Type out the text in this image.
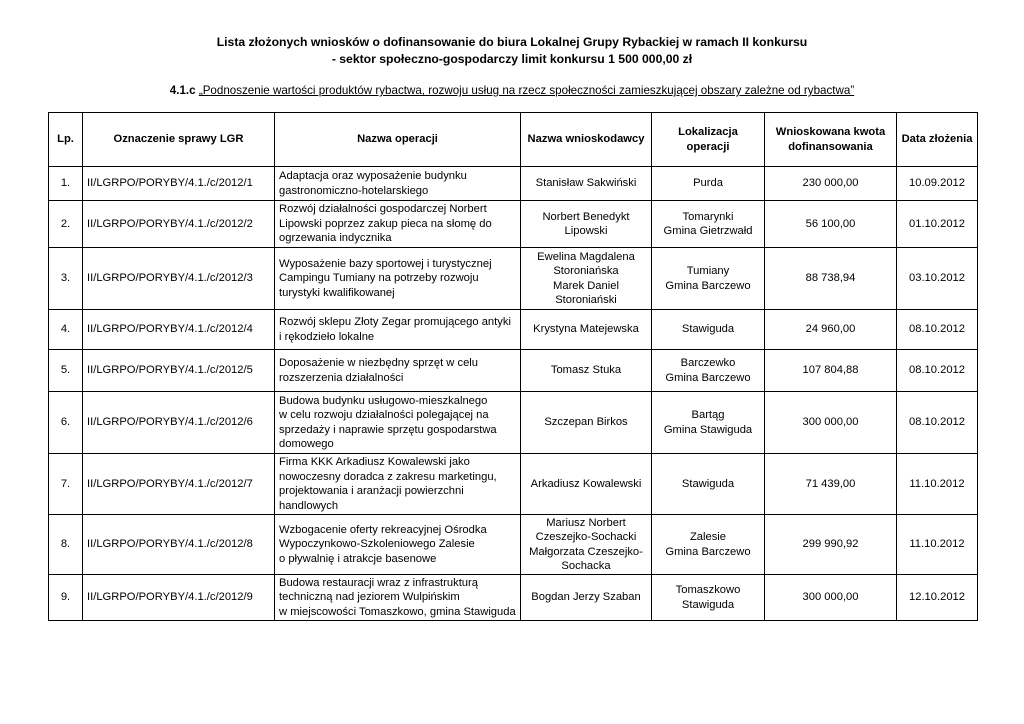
Lista złożonych wniosków o dofinansowanie do biura Lokalnej Grupy Rybackiej w ramach II konkursu
- sektor społeczno-gospodarczy limit konkursu 1 500 000,00 zł
4.1.c „Podnoszenie wartości produktów rybactwa, rozwoju usług na rzecz społeczności zamieszkującej obszary zależne od rybactwa”
Lp.	Oznaczenie sprawy LGR	Nazwa operacji	Nazwa wnioskodawcy	Lokalizacja operacji	Wnioskowana kwota dofinansowania	Data złożenia
1.	II/LGRPO/PORYBY/4.1./c/2012/1	Adaptacja oraz wyposażenie budynku
gastronomiczno-hotelarskiego	Stanisław Sakwiński	Purda	230 000,00	10.09.2012
2.	II/LGRPO/PORYBY/4.1./c/2012/2	Rozwój działalności gospodarczej Norbert
Lipowski poprzez zakup pieca na słomę do
ogrzewania indycznika	Norbert Benedykt
Lipowski	Tomarynki
Gmina Gietrzwałd	56 100,00	01.10.2012
3.	II/LGRPO/PORYBY/4.1./c/2012/3	Wyposażenie bazy sportowej i turystycznej
Campingu Tumiany na potrzeby rozwoju
turystyki kwalifikowanej	Ewelina Magdalena
Storoniańska
Marek Daniel
Storoniański	Tumiany
Gmina Barczewo	88 738,94	03.10.2012
4.	II/LGRPO/PORYBY/4.1./c/2012/4	Rozwój sklepu Złoty Zegar promującego antyki
i rękodzieło lokalne	Krystyna Matejewska	Stawiguda	24 960,00	08.10.2012
5.	II/LGRPO/PORYBY/4.1./c/2012/5	Doposażenie w niezbędny sprzęt w celu
rozszerzenia działalności	Tomasz Stuka	Barczewko
Gmina Barczewo	107 804,88	08.10.2012
6.	II/LGRPO/PORYBY/4.1./c/2012/6	Budowa budynku usługowo-mieszkalnego
w celu rozwoju działalności polegającej na
sprzedaży i naprawie sprzętu gospodarstwa
domowego	Szczepan Birkos	Bartąg
Gmina Stawiguda	300 000,00	08.10.2012
7.	II/LGRPO/PORYBY/4.1./c/2012/7	Firma KKK Arkadiusz Kowalewski jako
nowoczesny doradca z zakresu marketingu,
projektowania i aranżacji powierzchni
handlowych	Arkadiusz Kowalewski	Stawiguda	71 439,00	11.10.2012
8.	II/LGRPO/PORYBY/4.1./c/2012/8	Wzbogacenie oferty rekreacyjnej Ośrodka
Wypoczynkowo-Szkoleniowego Zalesie
o pływalnię i atrakcje basenowe	Mariusz Norbert
Czeszejko-Sochacki
Małgorzata Czeszejko-
Sochacka	Zalesie
Gmina Barczewo	299 990,92	11.10.2012
9.	II/LGRPO/PORYBY/4.1./c/2012/9	Budowa restauracji wraz z infrastrukturą
techniczną nad jeziorem Wulpińskim
w miejscowości Tomaszkowo, gmina Stawiguda	Bogdan Jerzy Szaban	Tomaszkowo
Stawiguda	300 000,00	12.10.2012
